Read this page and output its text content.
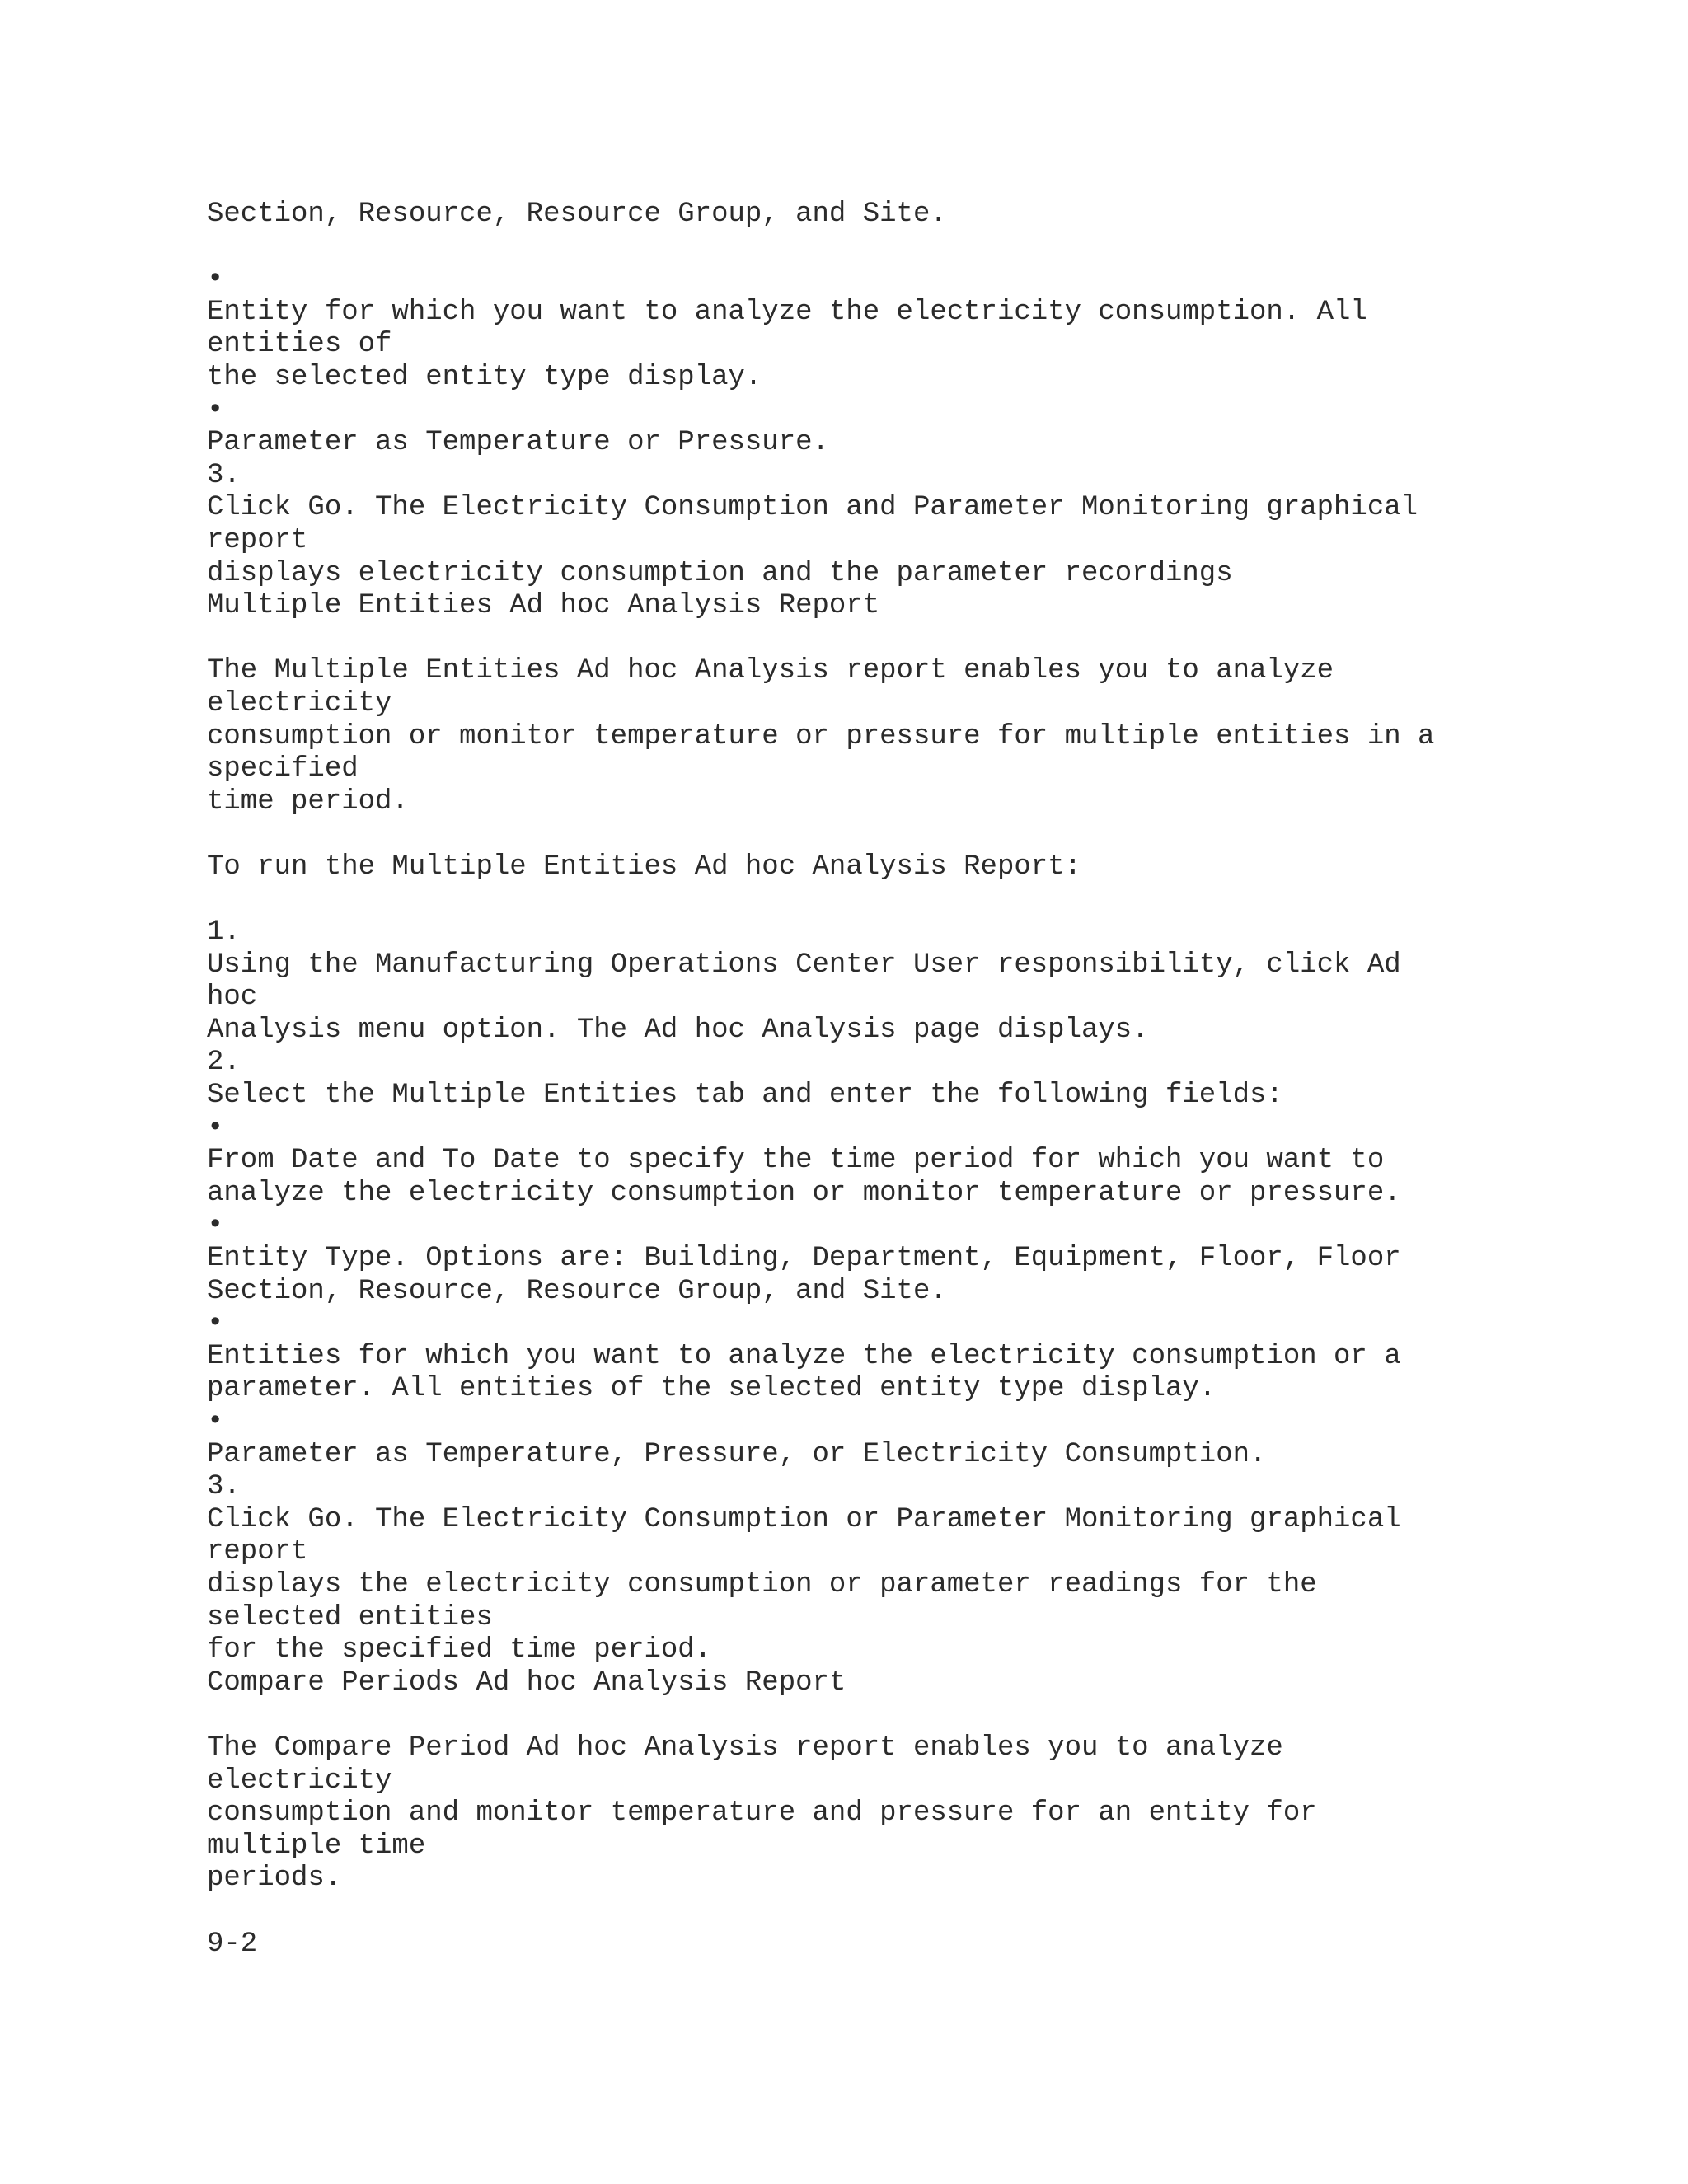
Section, Resource, Resource Group, and Site.
•
Entity for which you want to analyze the electricity consumption. All
entities of
the selected entity type display.
•
Parameter as Temperature or Pressure.
3.
Click Go. The Electricity Consumption and Parameter Monitoring graphical
report
displays electricity consumption and the parameter recordings
Multiple Entities Ad hoc Analysis Report
The Multiple Entities Ad hoc Analysis report enables you to analyze
electricity
consumption or monitor temperature or pressure for multiple entities in a
specified
time period.
To run the Multiple Entities Ad hoc Analysis Report:
1.
Using the Manufacturing Operations Center User responsibility, click Ad
hoc
Analysis menu option. The Ad hoc Analysis page displays.
2.
Select the Multiple Entities tab and enter the following fields:
•
From Date and To Date to specify the time period for which you want to
analyze the electricity consumption or monitor temperature or pressure.
•
Entity Type. Options are: Building, Department, Equipment, Floor, Floor
Section, Resource, Resource Group, and Site.
•
Entities for which you want to analyze the electricity consumption or a
parameter. All entities of the selected entity type display.
•
Parameter as Temperature, Pressure, or Electricity Consumption.
3.
Click Go. The Electricity Consumption or Parameter Monitoring graphical
report
displays the electricity consumption or parameter readings for the
selected entities
for the specified time period.
Compare Periods Ad hoc Analysis Report
The Compare Period Ad hoc Analysis report enables you to analyze
electricity
consumption and monitor temperature and pressure for an entity for
multiple time
periods.
9-2
